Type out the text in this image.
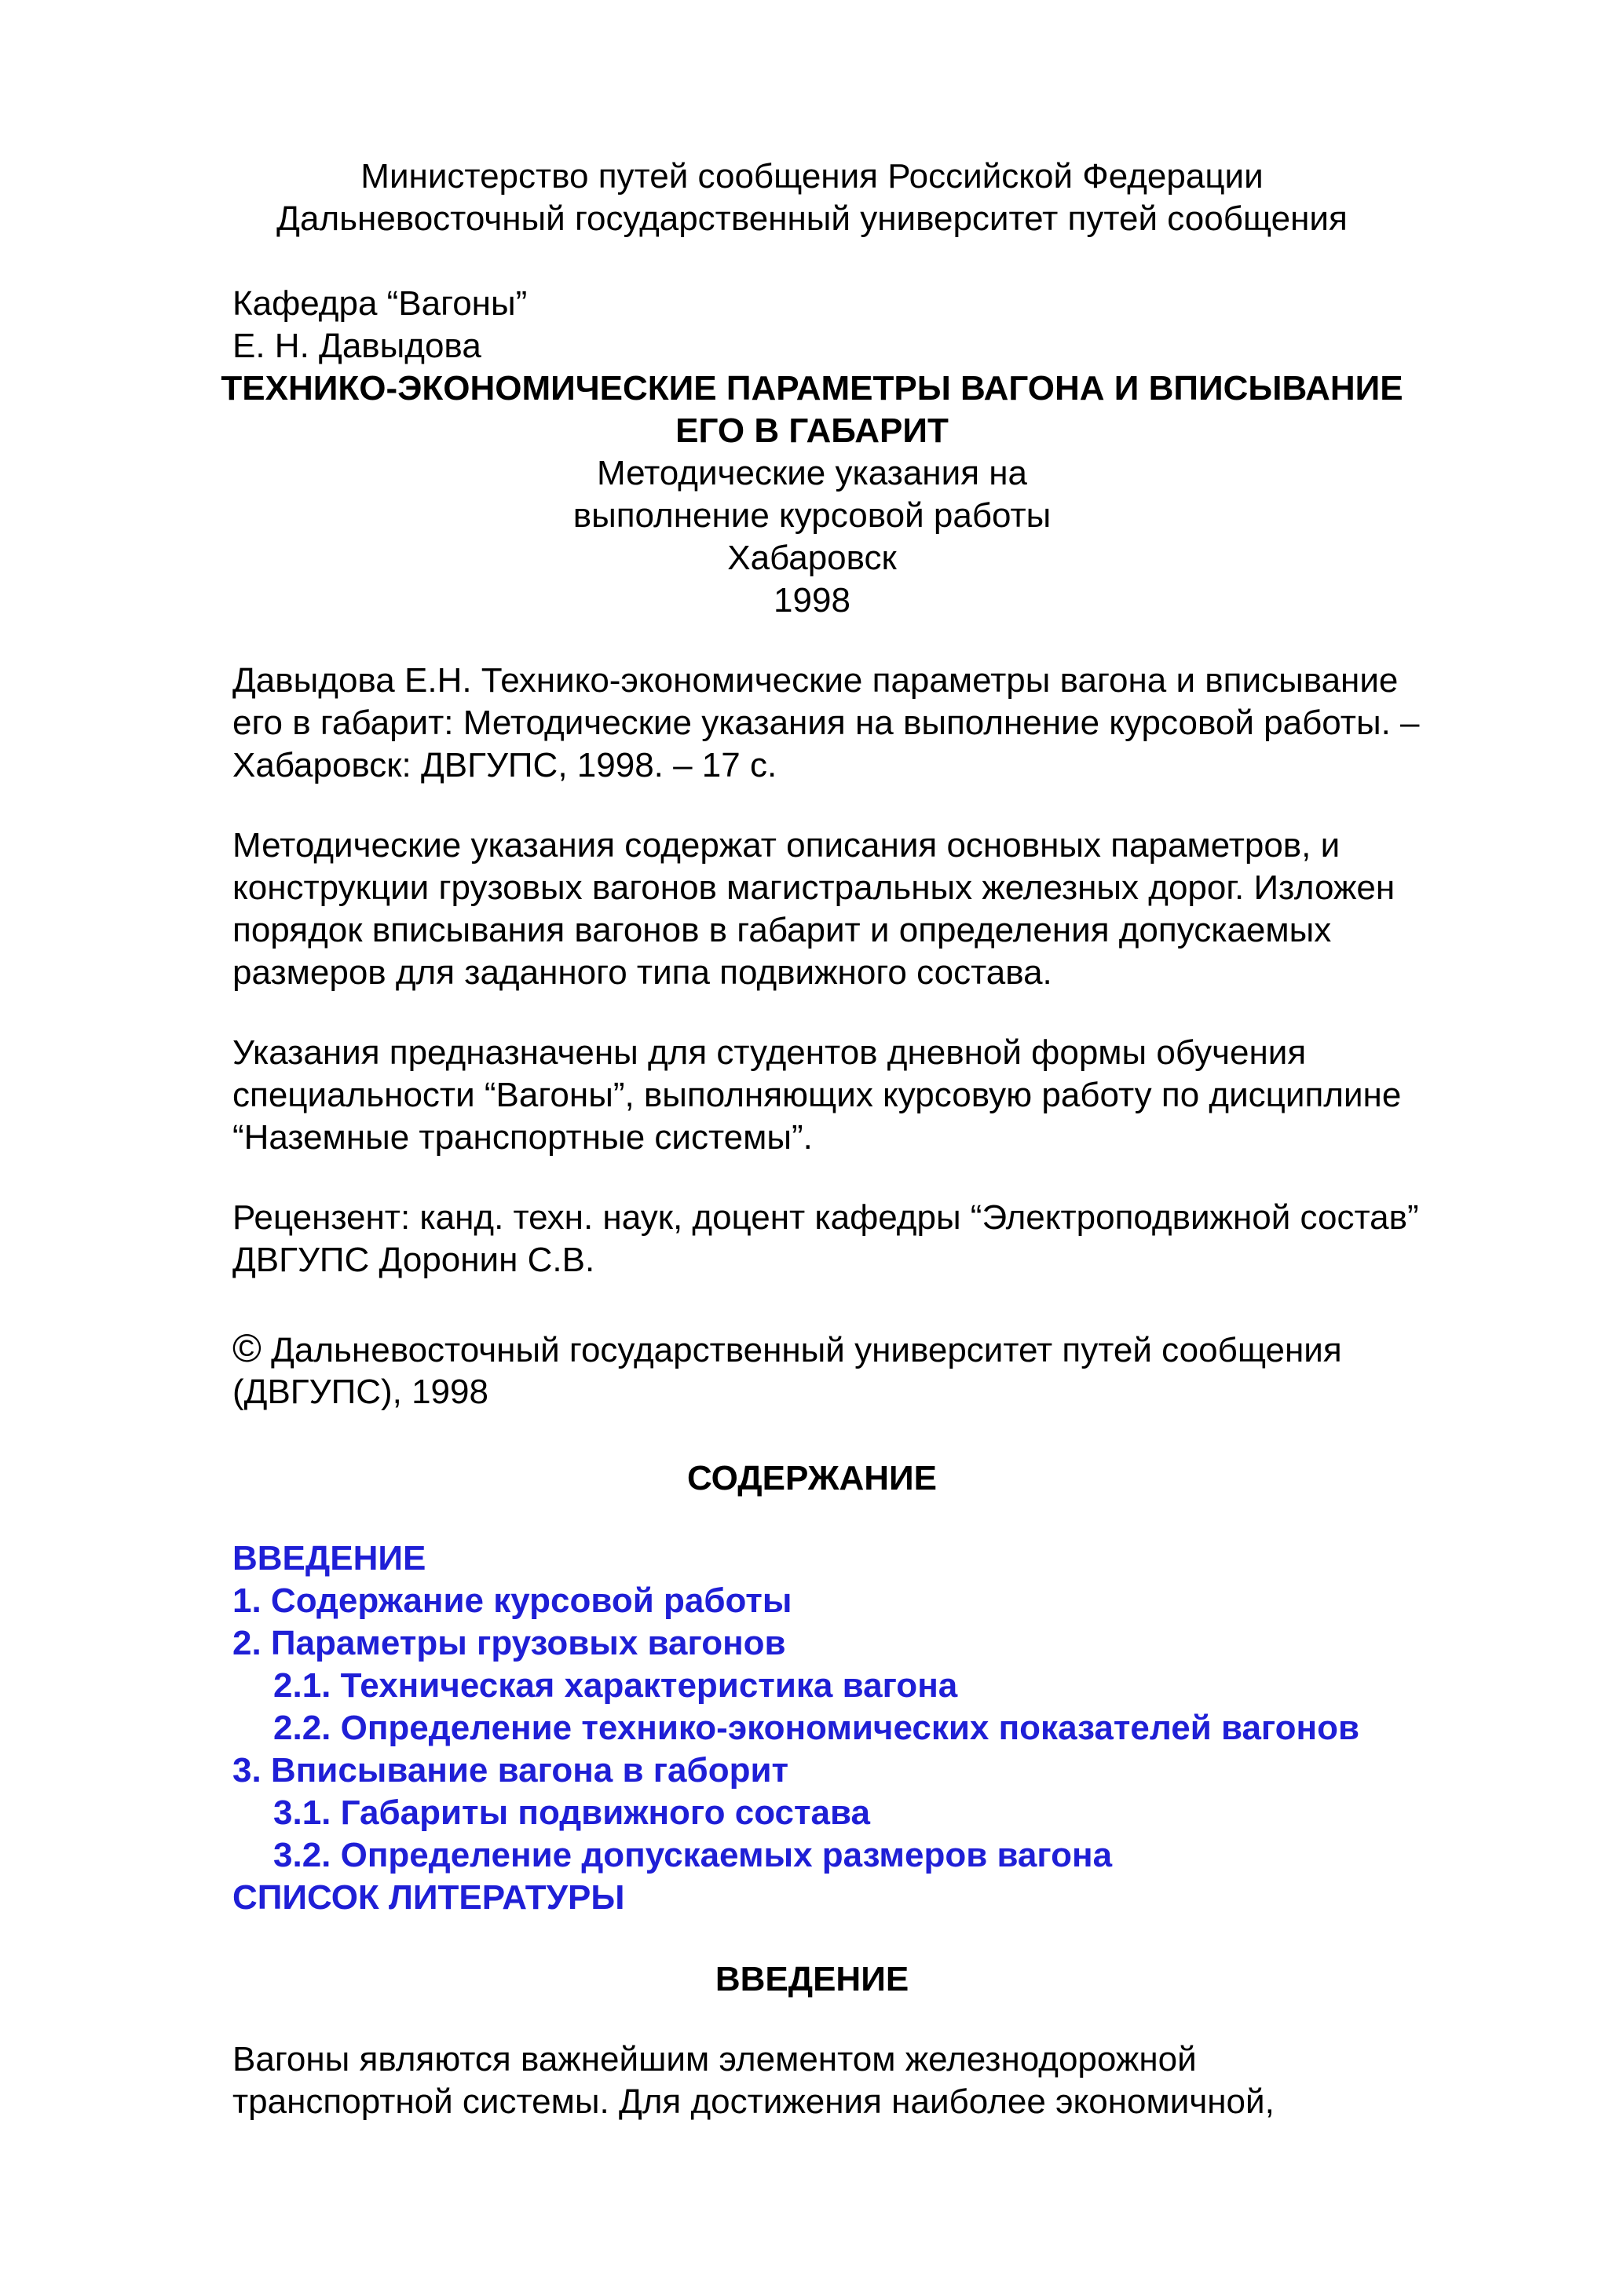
Министерство путей сообщения Российской Федерации

Дальневосточный государственный университет путей сообщения

Кафедра “Вагоны”

Е. Н. Давыдова

ТЕХНИКО-ЭКОНОМИЧЕСКИЕ ПАРАМЕТРЫ ВАГОНА И ВПИСЫВАНИЕ

ЕГО В ГАБАРИТ

Методические указания на

выполнение курсовой работы

Хабаровск

1998

Давыдова Е.Н. Технико-экономические параметры вагона и вписывание

его в габарит: Методические указания на выполнение курсовой работы. –

Хабаровск: ДВГУПС, 1998. – 17 с.

Методические указания содержат описания основных параметров, и

конструкции грузовых вагонов магистральных железных дорог. Изложен

порядок вписывания вагонов в габарит и определения допускаемых

размеров для заданного типа подвижного состава.

Указания предназначены для студентов дневной формы обучения

специальности “Вагоны”, выполняющих курсовую работу по дисциплине

“Наземные транспортные системы”.

Рецензент: канд. техн. наук, доцент кафедры “Электроподвижной состав”

ДВГУПС Доронин С.В.

© Дальневосточный государственный университет путей сообщения

(ДВГУПС), 1998

СОДЕРЖАНИЕ

ВВЕДЕНИЕ
1. Содержание курсовой работы
2. Параметры грузовых вагонов
2.1. Техническая характеристика вагона
2.2. Определение технико-экономических показателей вагонов
3. Вписывание вагона в габорит
3.1. Габариты подвижного состава
3.2. Определение допускаемых размеров вагона
СПИСОК ЛИТЕРАТУРЫ

ВВЕДЕНИЕ

Вагоны являются важнейшим элементом железнодорожной

транспортной системы. Для достижения наиболее экономичной,
